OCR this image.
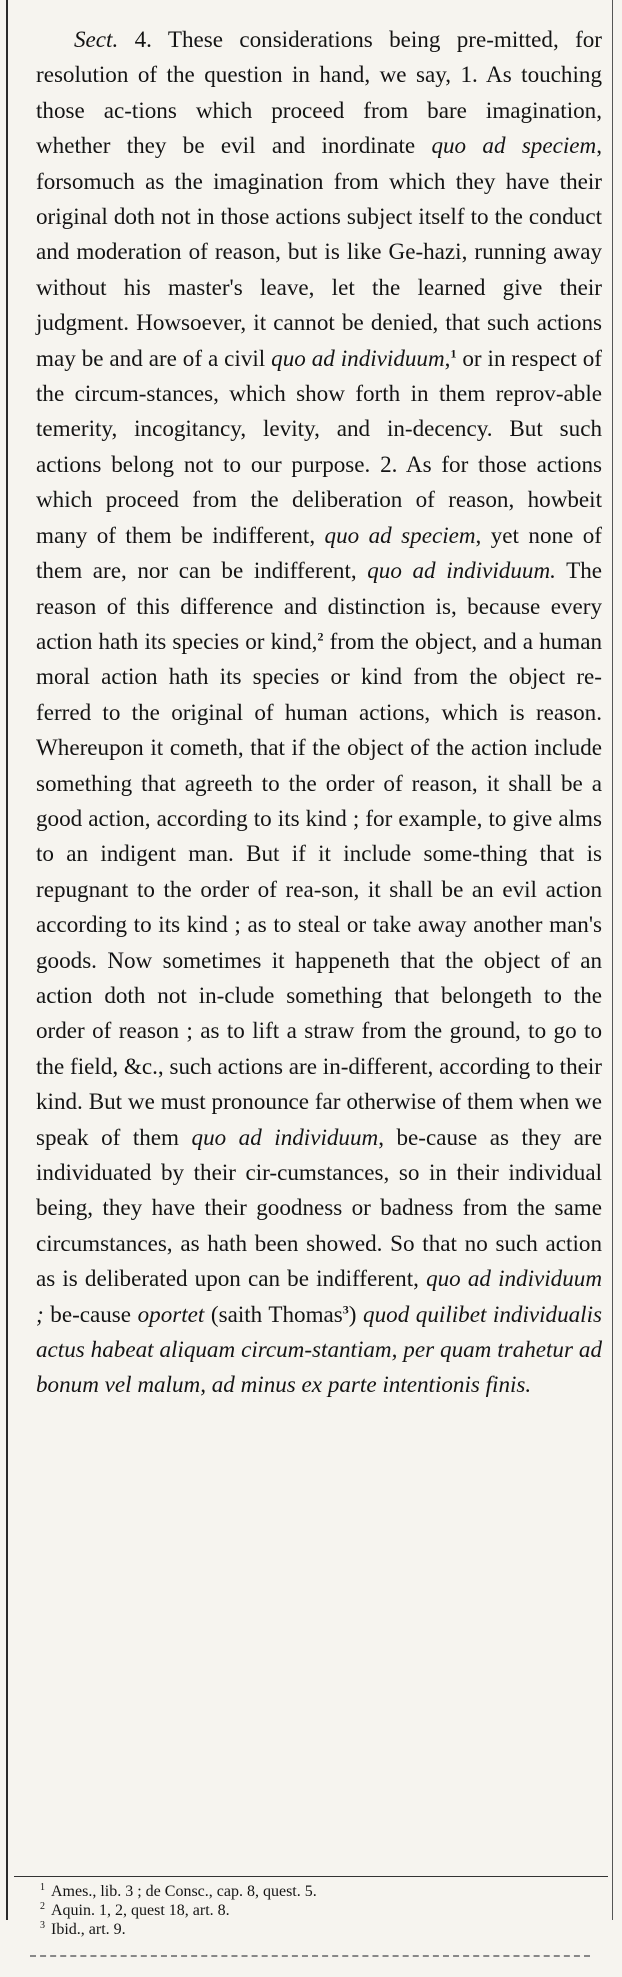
Sect. 4. These considerations being pre-mitted, for resolution of the question in hand, we say, 1. As touching those ac-tions which proceed from bare imagination, whether they be evil and inordinate quo ad speciem, forsomuch as the imagination from which they have their original doth not in those actions subject itself to the conduct and moderation of reason, but is like Ge-hazi, running away without his master's leave, let the learned give their judgment. Howsoever, it cannot be denied, that such actions may be and are of a civil quo ad individuum,$^1$ or in respect of the circum-stances, which show forth in them reprov-able temerity, incogitancy, levity, and in-decency. But such actions belong not to our purpose. 2. As for those actions which proceed from the deliberation of reason, howbeit many of them be indifferent, quo ad speciem, yet none of them are, nor can be indifferent, quo ad individuum. The reason of this difference and distinction is, because every action hath its species or kind,$^2$ from the object, and a human moral action hath its species or kind from the object re-ferred to the original of human actions, which is reason. Whereupon it cometh, that if the object of the action include something that agreeth to the order of reason, it shall be a good action, according to its kind ; for example, to give alms to an indigent man. But if it include some-thing that is repugnant to the order of rea-son, it shall be an evil action according to its kind ; as to steal or take away another man's goods. Now sometimes it happeneth that the object of an action doth not in-clude something that belongeth to the order of reason ; as to lift a straw from the ground, to go to the field, &c., such actions are in-different, according to their kind. But we must pronounce far otherwise of them when we speak of them quo ad individuum, be-cause as they are individuated by their cir-cumstances, so in their individual being, they have their goodness or badness from the same circumstances, as hath been showed. So that no such action as is deliberated upon can be indifferent, quo ad individuum ; be-cause oportet (saith Thomas$^3$) quod quilibet individualis actus habeat aliquam circum-stantiam, per quam trahetur ad bonum vel malum, ad minus ex parte intentionis finis.

$^1$ Ames., lib. 3 ; de Consc., cap. 8, quest. 5.

$^2$ Aquin. 1, 2, quest 18, art. 8.

$^3$ Ibid., art. 9.
